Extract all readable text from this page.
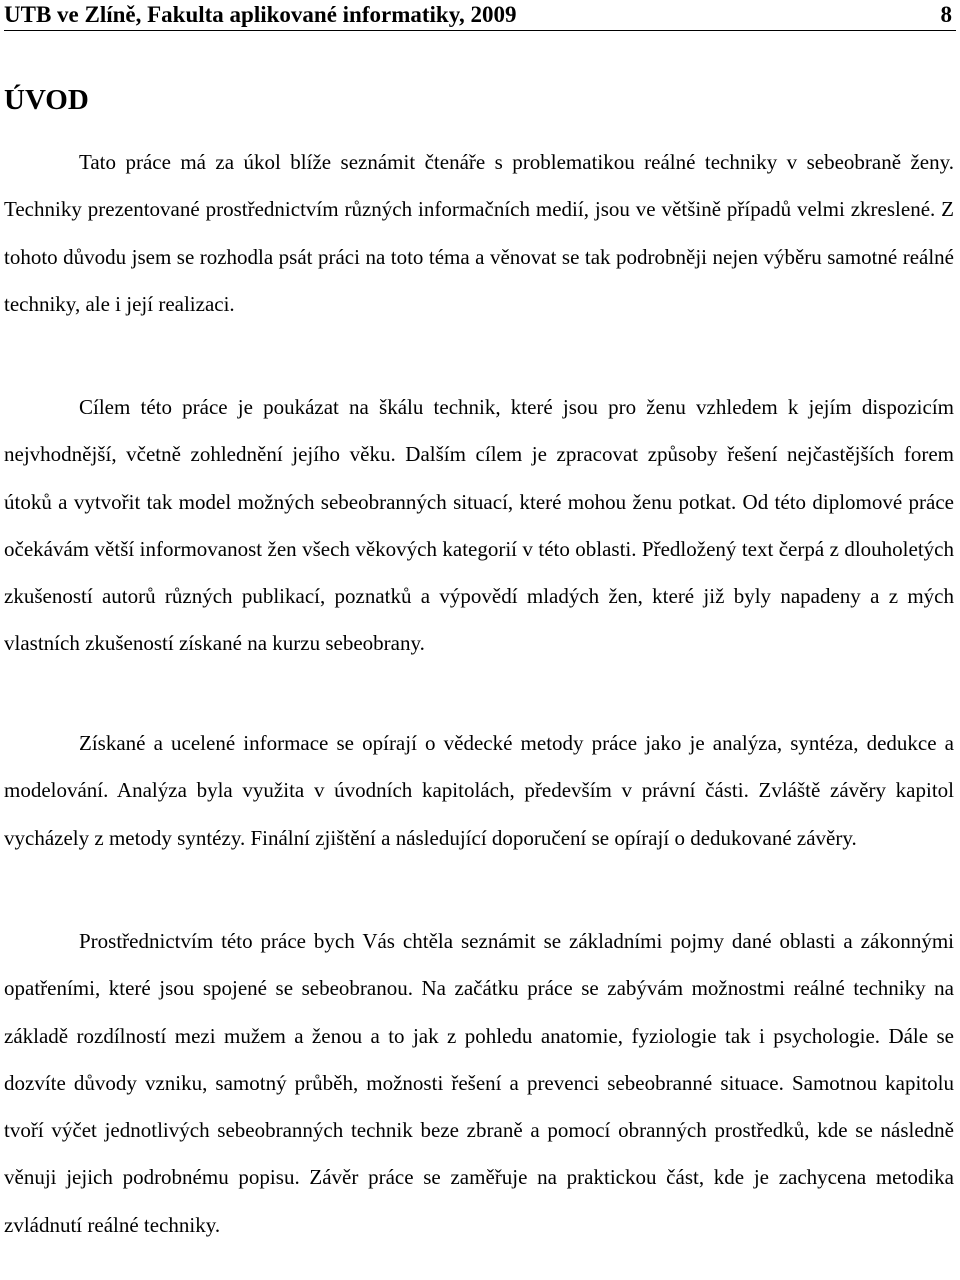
UTB ve Zlíně, Fakulta aplikované informatiky, 2009	8
ÚVOD

Tato práce má za úkol blíže seznámit čtenáře s problematikou reálné techniky v sebeobraně ženy. Techniky prezentované prostřednictvím různých informačních medií, jsou ve většině případů velmi zkreslené. Z tohoto důvodu jsem se rozhodla psát práci na toto téma a věnovat se tak podrobněji nejen výběru samotné reálné techniky, ale i její realizaci.

Cílem této práce je poukázat na škálu technik, které jsou pro ženu vzhledem k jejím dispozicím nejvhodnější, včetně zohlednění jejího věku. Dalším cílem je zpracovat způsoby řešení nejčastějších forem útoků a vytvořit tak model možných sebeobranných situací, které mohou ženu potkat. Od této diplomové práce očekávám větší informovanost žen všech věkových kategorií v této oblasti. Předložený text čerpá z dlouholetých zkušeností autorů různých publikací, poznatků a výpovědí mladých žen, které již byly napadeny a z mých vlastních zkušeností získané na kurzu sebeobrany.

Získané a ucelené informace se opírají o vědecké metody práce jako je analýza, syntéza, dedukce a modelování. Analýza byla využita v úvodních kapitolách, především v právní části. Zvláště závěry kapitol vycházely z metody syntézy. Finální zjištění a následující doporučení se opírají o dedukované závěry.

Prostřednictvím této práce bych Vás chtěla seznámit se základními pojmy dané oblasti a zákonnými opatřeními, které jsou spojené se sebeobranou. Na začátku práce se zabývám možnostmi reálné techniky na základě rozdílností mezi mužem a ženou a to jak z pohledu anatomie, fyziologie tak i psychologie. Dále se dozvíte důvody vzniku, samotný průběh, možnosti řešení a prevenci sebeobranné situace. Samotnou kapitolu tvoří výčet jednotlivých sebeobranných technik beze zbraně a pomocí obranných prostředků, kde se následně věnuji jejich podrobnému popisu. Závěr práce se zaměřuje na praktickou část, kde je zachycena metodika zvládnutí reálné techniky.
